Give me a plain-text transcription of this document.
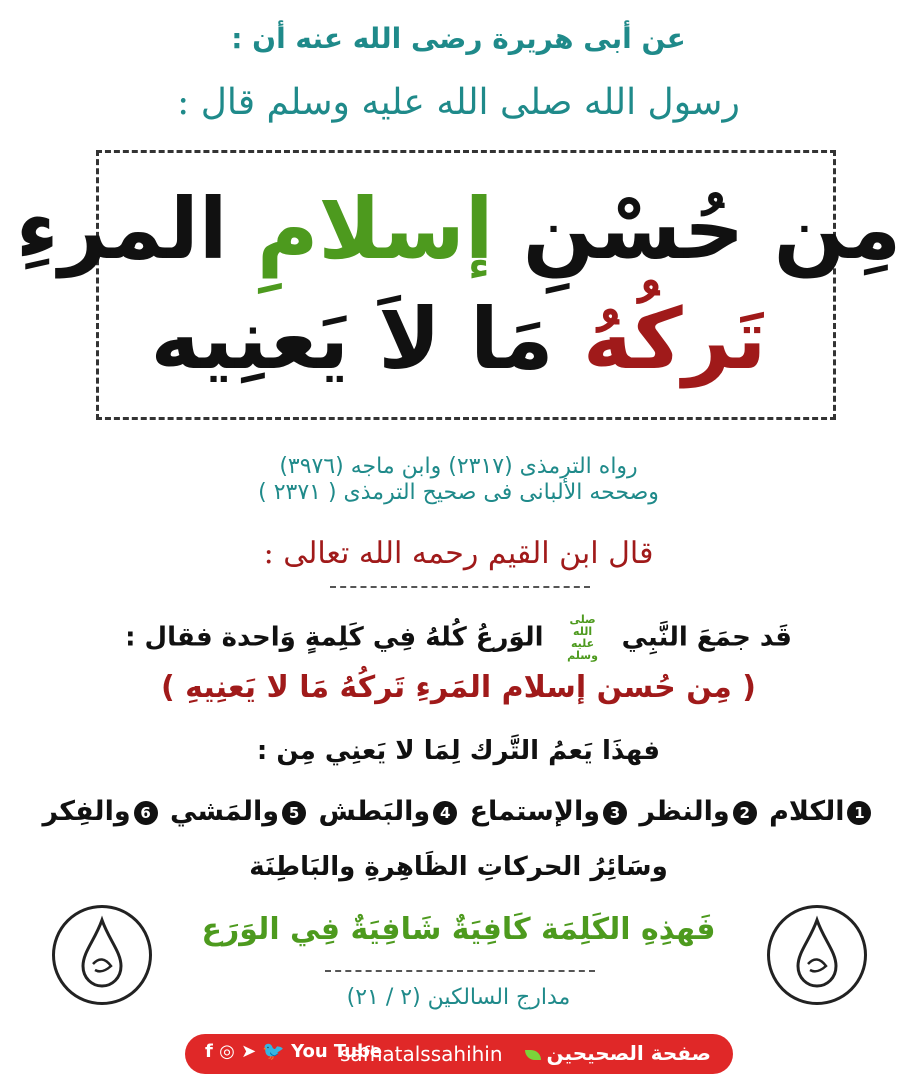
عن أبى هريرة رضى الله عنه أن :
رسول الله صلى الله عليه وسلم قال :
مِن حُسْنِ إسلامِ المرءِ
تَركُهُ مَا لاَ يَعنِيه
رواه الترمذى (٢٣١٧) وابن ماجه (٣٩٧٦)
وصححه الألبانى فى صحيح الترمذى ( ٢٣٧١ )
قال ابن القيم رحمه الله تعالى :
قَد جمَعَ النَّبِي صلى الله عليه وسلم الوَرعُ كُلهُ فِي كَلِمةٍ وَاحدة فقال :
( مِن حُسن إسلام المَرءِ تَركُهُ مَا لا يَعنِيهِ )
فهذَا يَعمُ التَّرك لِمَا لا يَعنِي مِن :
1الكلام 2والنظر 3والإستماع 4والبَطش 5والمَشي 6والفِكر
وسَائِرُ الحركاتِ الظَاهِرةِ والبَاطِنَة
فَهذِهِ الكَلِمَة كَافِيَةٌ شَافِيَةٌ فِي الوَرَع
مدارج السالكين (٢ / ٢١)
f ◎ ➤ 🐦 You Tube
safhatalssahihin	صفحة الصحيحين
